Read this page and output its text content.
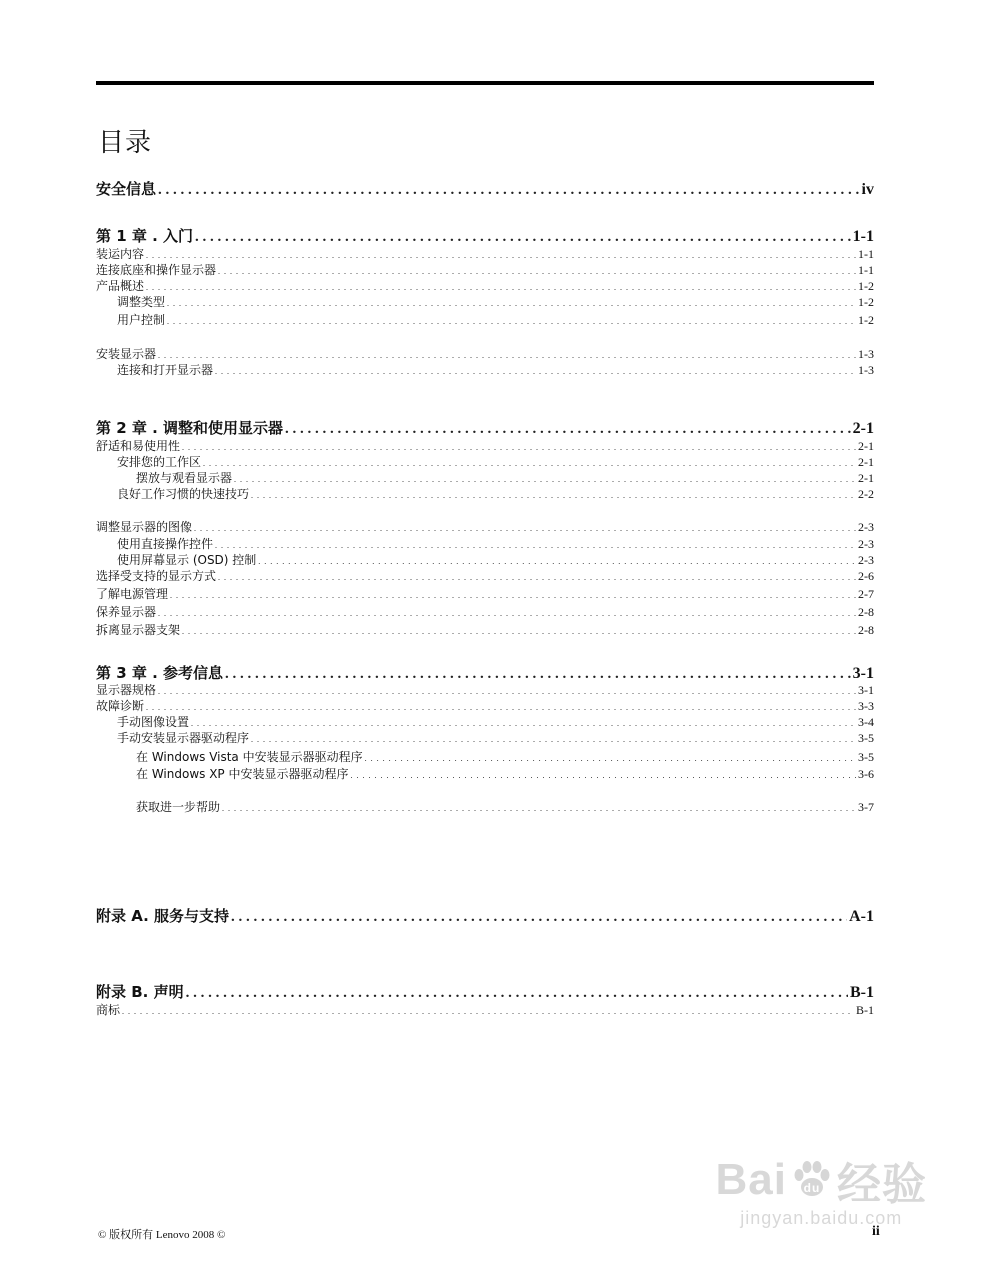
目录
安全信息 . . .	iv
第 1 章 . 入门 . . .	1-1
装运内容 . . .	1-1
连接底座和操作显示器 . . .	1-1
产品概述 . . .	1-2
调整类型 . . .	1-2
用户控制 . . .	1-2
安装显示器 . . .	1-3
连接和打开显示器 . . .	1-3
第 2 章 . 调整和使用显示器 . . .	2-1
舒适和易使用性 . . .	2-1
安排您的工作区 . . .	2-1
摆放与观看显示器 . . .	2-1
良好工作习惯的快速技巧 . . .	2-2
调整显示器的图像 . . .	2-3
使用直接操作控件 . . .	2-3
使用屏幕显示 (OSD) 控制 . . .	2-3
选择受支持的显示方式 . . .	2-6
了解电源管理 . . .	2-7
保养显示器 . . .	2-8
拆离显示器支架 . . .	2-8
第 3 章 . 参考信息 . . .	3-1
显示器规格 . . .	3-1
故障诊断 . . .	3-3
手动图像设置 . . .	3-4
手动安装显示器驱动程序 . . .	3-5
在 Windows Vista 中安装显示器驱动程序 . . .	3-5
在 Windows XP 中安装显示器驱动程序 . . .	3-6
获取进一步帮助 . . .	3-7
附录 A. 服务与支持 . . .	A-1
附录 B. 声明 . . .	B-1
商标 . . .	B-1
Bai du 经验
jingyan.baidu.com
© 版权所有 Lenovo 2008 ©	ii
